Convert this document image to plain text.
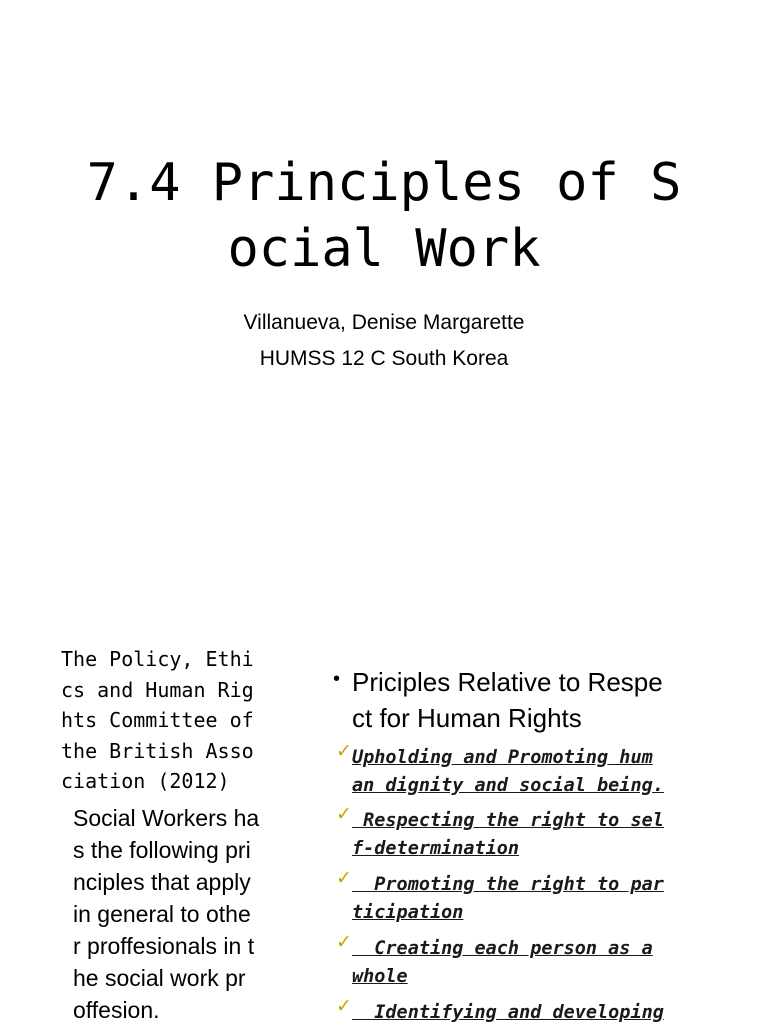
7.4 Principles of S
ocial Work
Villanueva, Denise Margarette
HUMSS 12 C South Korea
The Policy, Ethi
cs and Human Rig
hts Committee of
the British Asso
ciation (2012)
Social Workers ha
s the following pri
nciples that apply
in general to othe
r proffesionals in t
he social work pr
offesion.

•

Priciples Relative to Respe
ct for Human Rights

✓ Upholding and Promoting hum
an dignity and social being.
✓ Respecting the right to sel
f-determination
✓ Promoting the right to par
ticipation
✓ Creating each person as a
whole
✓ Identifying and developing
